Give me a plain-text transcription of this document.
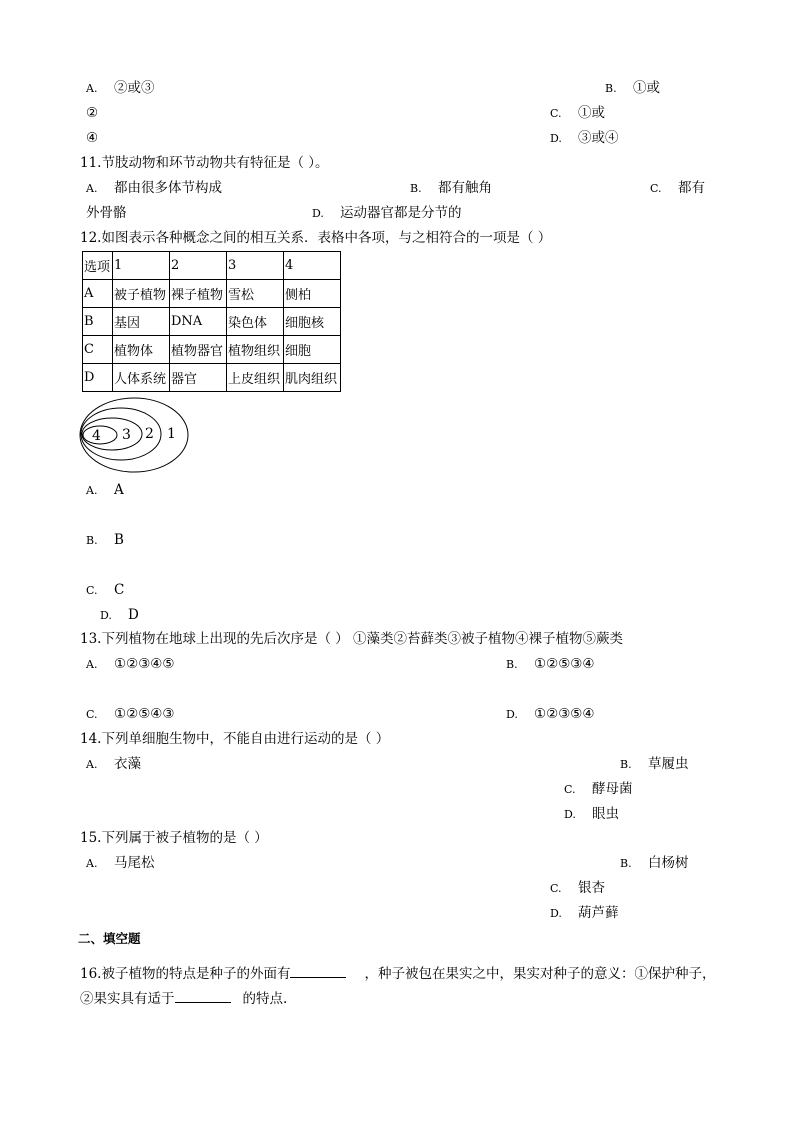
A. ②或③	B. ①或
②	C. ①或
④	D. ③或④
11.节肢动物和环节动物共有特征是（ ）。
A. 都由很多体节构成	B. 都有触角	C. 都有
外骨骼	D. 运动器官都是分节的
12.如图表示各种概念之间的相互关系．表格中各项，与之相符合的一项是（ ）
选项	1	2	3	4
A	被子植物	裸子植物	雪松	侧柏
B	基因	DNA	染色体	细胞核
C	植物体	植物器官	植物组织	细胞
D	人体系统	器官	上皮组织	肌肉组织
4 3 2 1
A. A
B. B
C. C
D. D
13.下列植物在地球上出现的先后次序是（ ） ①藻类②苔藓类③被子植物④裸子植物⑤蕨类
A. ①②③④⑤	B. ①②⑤③④
C. ①②⑤④③	D. ①②③⑤④
14.下列单细胞生物中，不能自由进行运动的是（ ）
A. 衣藻	B. 草履虫
C. 酵母菌
D. 眼虫
15.下列属于被子植物的是（ ）
A. 马尾松	B. 白杨树
C. 银杏
D. 葫芦藓
二、填空题
16.被子植物的特点是种子的外面有	，种子被包在果实之中，果实对种子的意义：①保护种子，
②果实具有适于	的特点.
